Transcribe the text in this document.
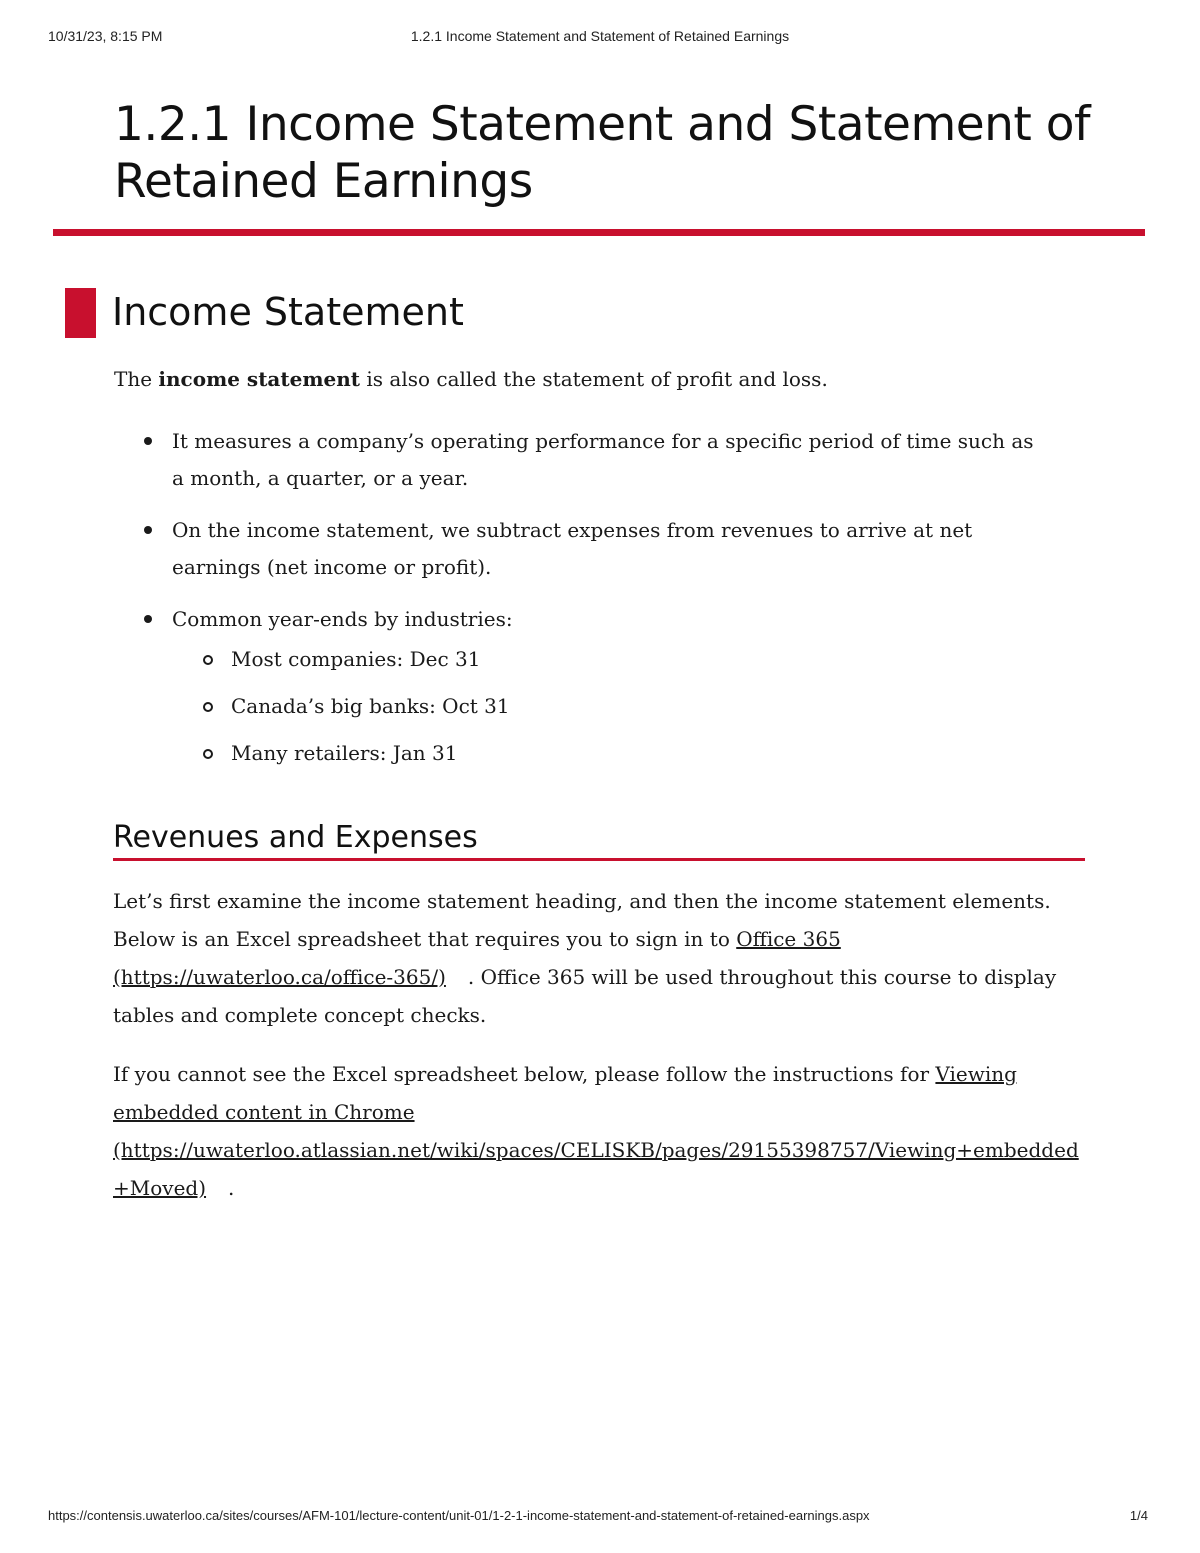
10/31/23, 8:15 PM	1.2.1 Income Statement and Statement of Retained Earnings
1.2.1 Income Statement and Statement of
Retained Earnings
Income Statement

The income statement is also called the statement of profit and loss.

It measures a company’s operating performance for a specific period of time such as a month, a quarter, or a year.
On the income statement, we subtract expenses from revenues to arrive at net earnings (net income or profit).
Common year-ends by industries:
Most companies: Dec 31
Canada’s big banks: Oct 31
Many retailers: Jan 31
Revenues and Expenses

Let’s first examine the income statement heading, and then the income statement elements. Below is an Excel spreadsheet that requires you to sign in to Office 365
(https://uwaterloo.ca/office-365/) . Office 365 will be used throughout this course to display tables and complete concept checks.

If you cannot see the Excel spreadsheet below, please follow the instructions for Viewing
embedded content in Chrome
(https://uwaterloo.atlassian.net/wiki/spaces/CELISKB/pages/29155398757/Viewing+embedded
+Moved) .

https://contensis.uwaterloo.ca/sites/courses/AFM-101/lecture-content/unit-01/1-2-1-income-statement-and-statement-of-retained-earnings.aspx	1/4
